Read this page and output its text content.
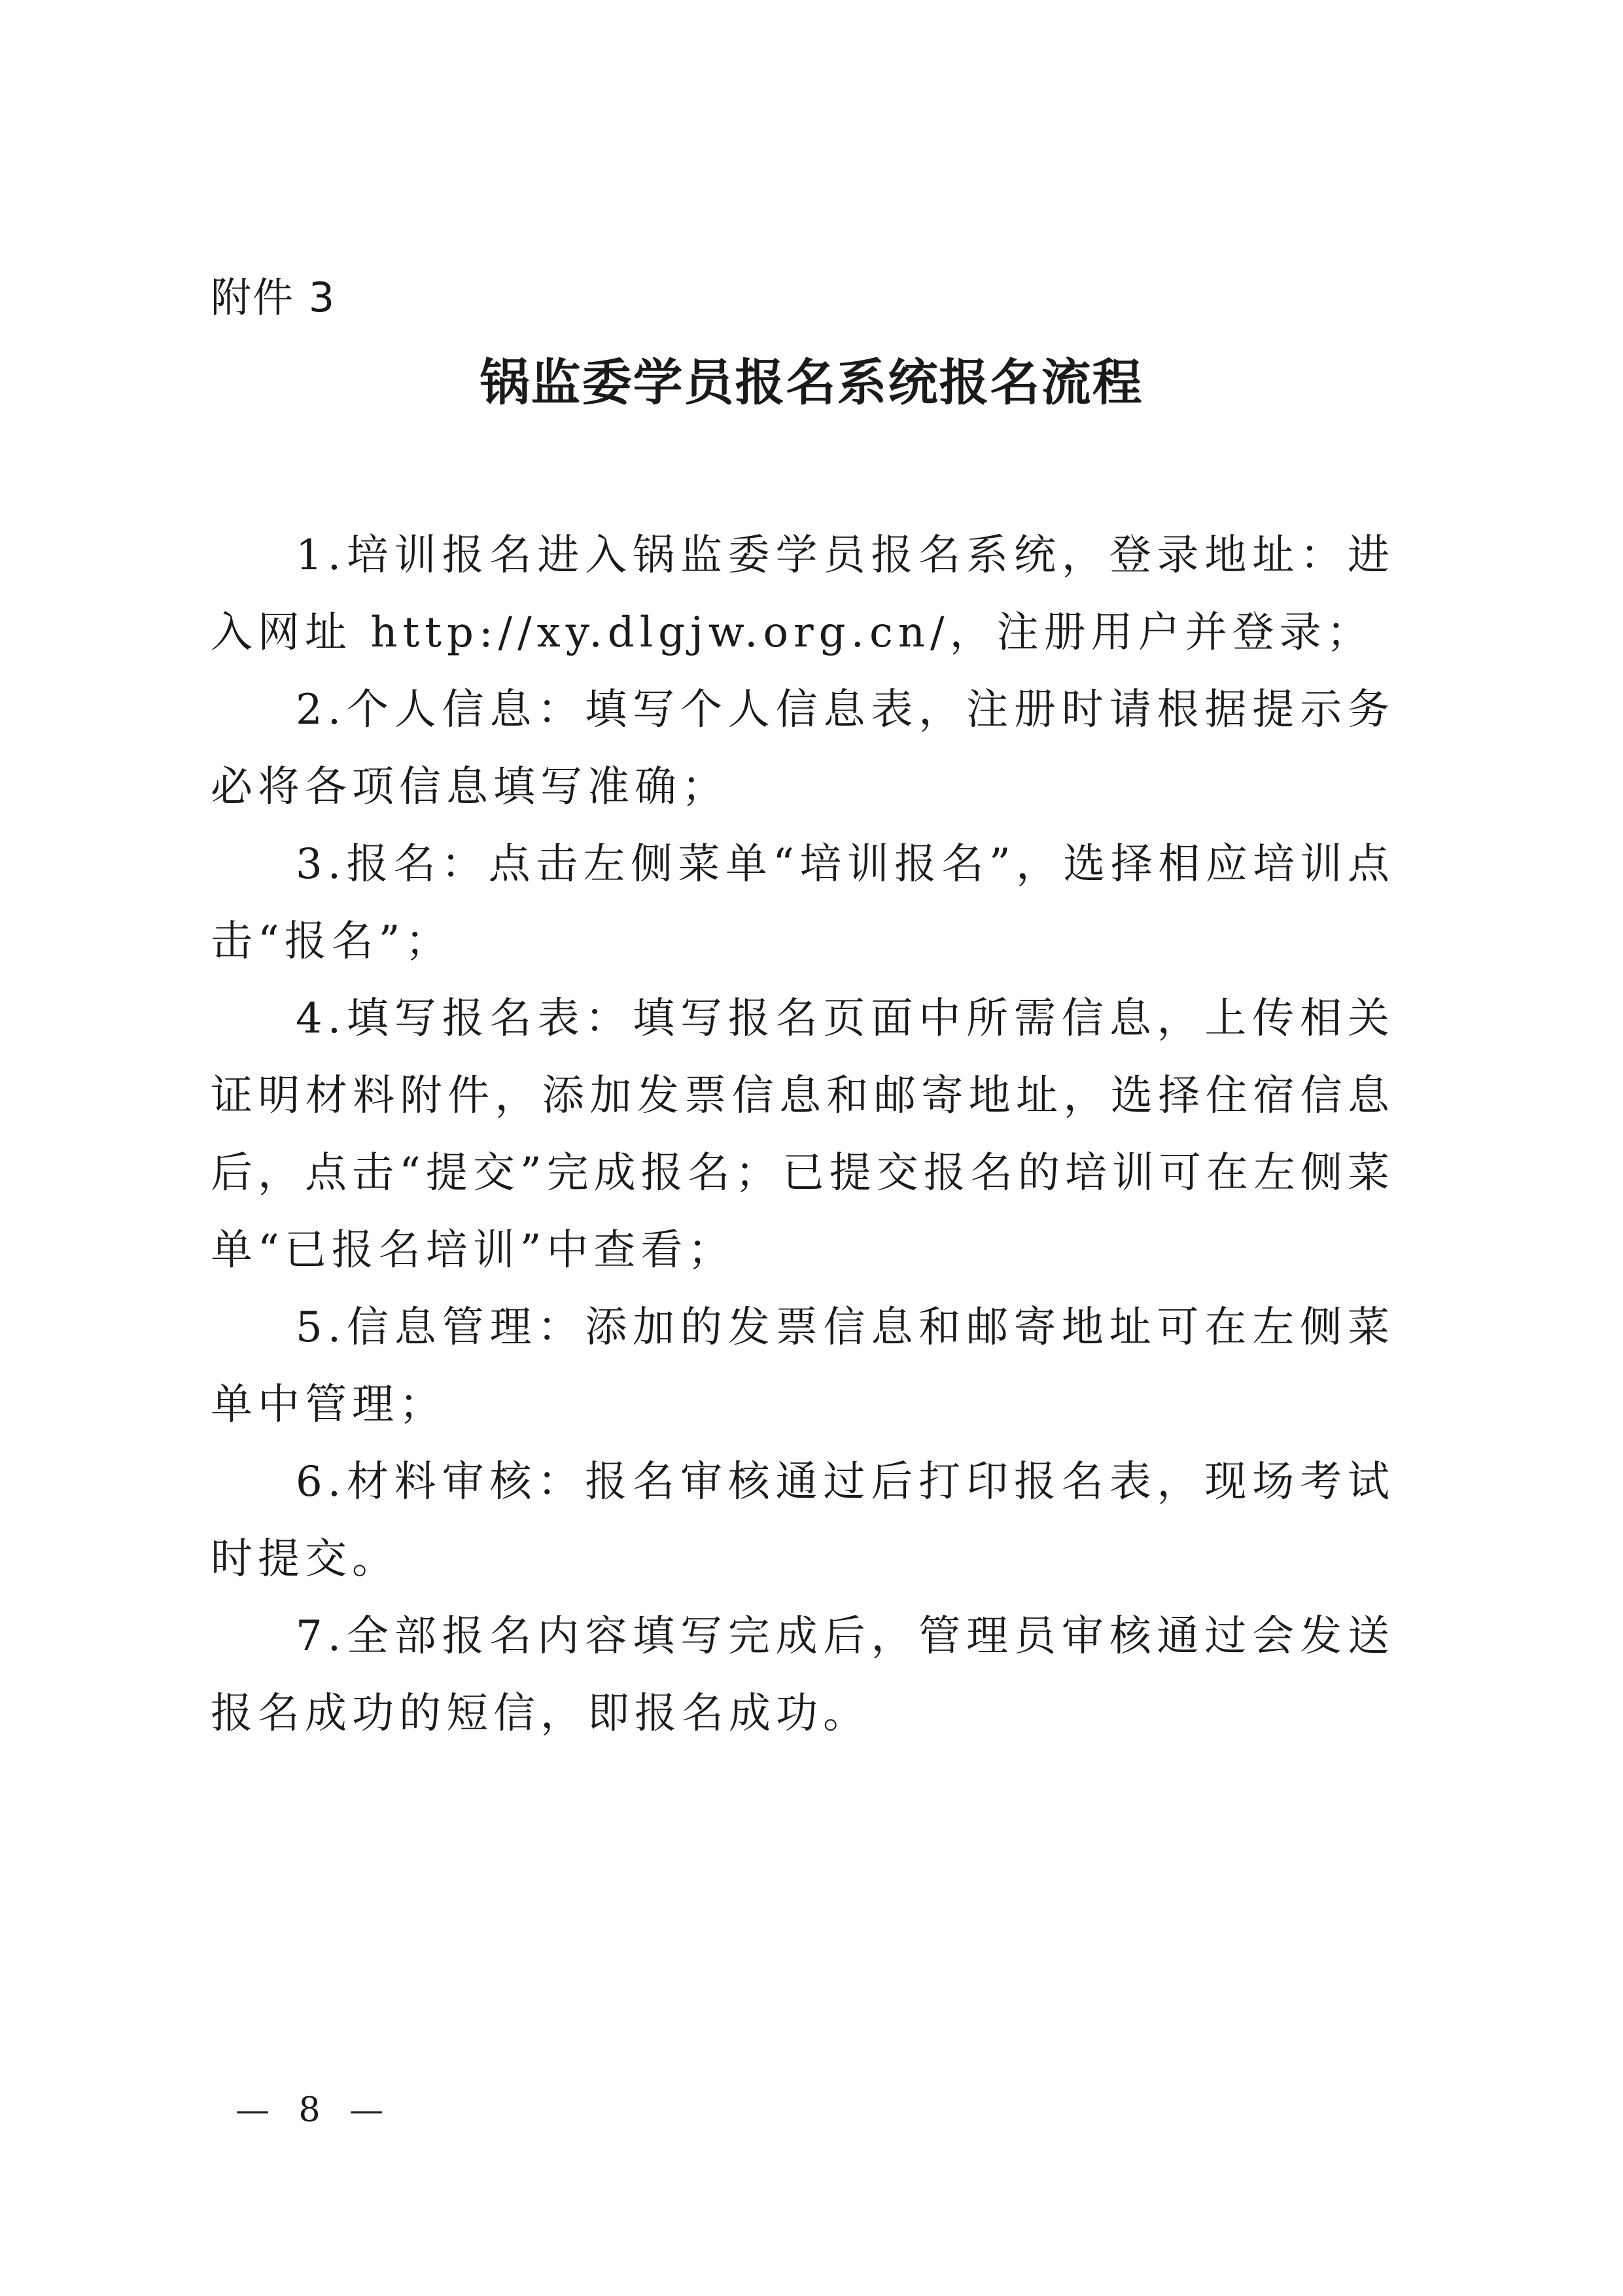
附件 3
锅监委学员报名系统报名流程

1.培训报名进入锅监委学员报名系统，登录地址：进入网址 http://xy.dlgjw.org.cn/，注册用户并登录；

2.个人信息：填写个人信息表，注册时请根据提示务必将各项信息填写准确；

3.报名：点击左侧菜单“培训报名”，选择相应培训点击“报名”；

4.填写报名表：填写报名页面中所需信息，上传相关证明材料附件，添加发票信息和邮寄地址，选择住宿信息后，点击“提交”完成报名；已提交报名的培训可在左侧菜单“已报名培训”中查看；

5.信息管理：添加的发票信息和邮寄地址可在左侧菜单中管理；

6.材料审核：报名审核通过后打印报名表，现场考试时提交。

7.全部报名内容填写完成后，管理员审核通过会发送报名成功的短信，即报名成功。

— 8 —
